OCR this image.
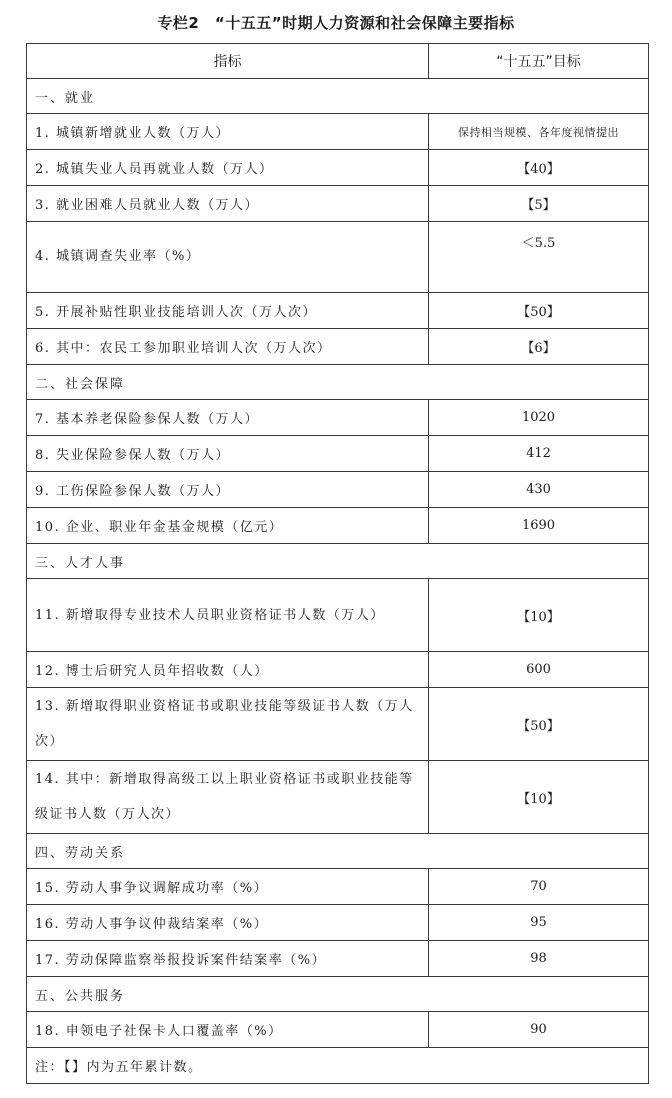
专栏2　“十五五”时期人力资源和社会保障主要指标
指标	“十五五”目标
一、就业	
1. 城镇新增就业人数（万人）	保持相当规模、各年度视情提出
2. 城镇失业人员再就业人数（万人）	【40】
3. 就业困难人员就业人数（万人）	【5】
4. 城镇调查失业率（%）	＜5.5
5. 开展补贴性职业技能培训人次（万人次）	【50】
6. 其中：农民工参加职业培训人次（万人次）	【6】
二、社会保障	
7. 基本养老保险参保人数（万人）	1020
8. 失业保险参保人数（万人）	412
9. 工伤保险参保人数（万人）	430
10. 企业、职业年金基金规模（亿元）	1690
三、人才人事	
11. 新增取得专业技术人员职业资格证书人数（万人）	【10】
12. 博士后研究人员年招收数（人）	600
13. 新增取得职业资格证书或职业技能等级证书人数（万人次）	【50】
14. 其中：新增取得高级工以上职业资格证书或职业技能等级证书人数（万人次）	【10】
四、劳动关系	
15. 劳动人事争议调解成功率（%）	70
16. 劳动人事争议仲裁结案率（%）	95
17. 劳动保障监察举报投诉案件结案率（%）	98
五、公共服务	
18. 申领电子社保卡人口覆盖率（%）	90
注：【】内为五年累计数。	
